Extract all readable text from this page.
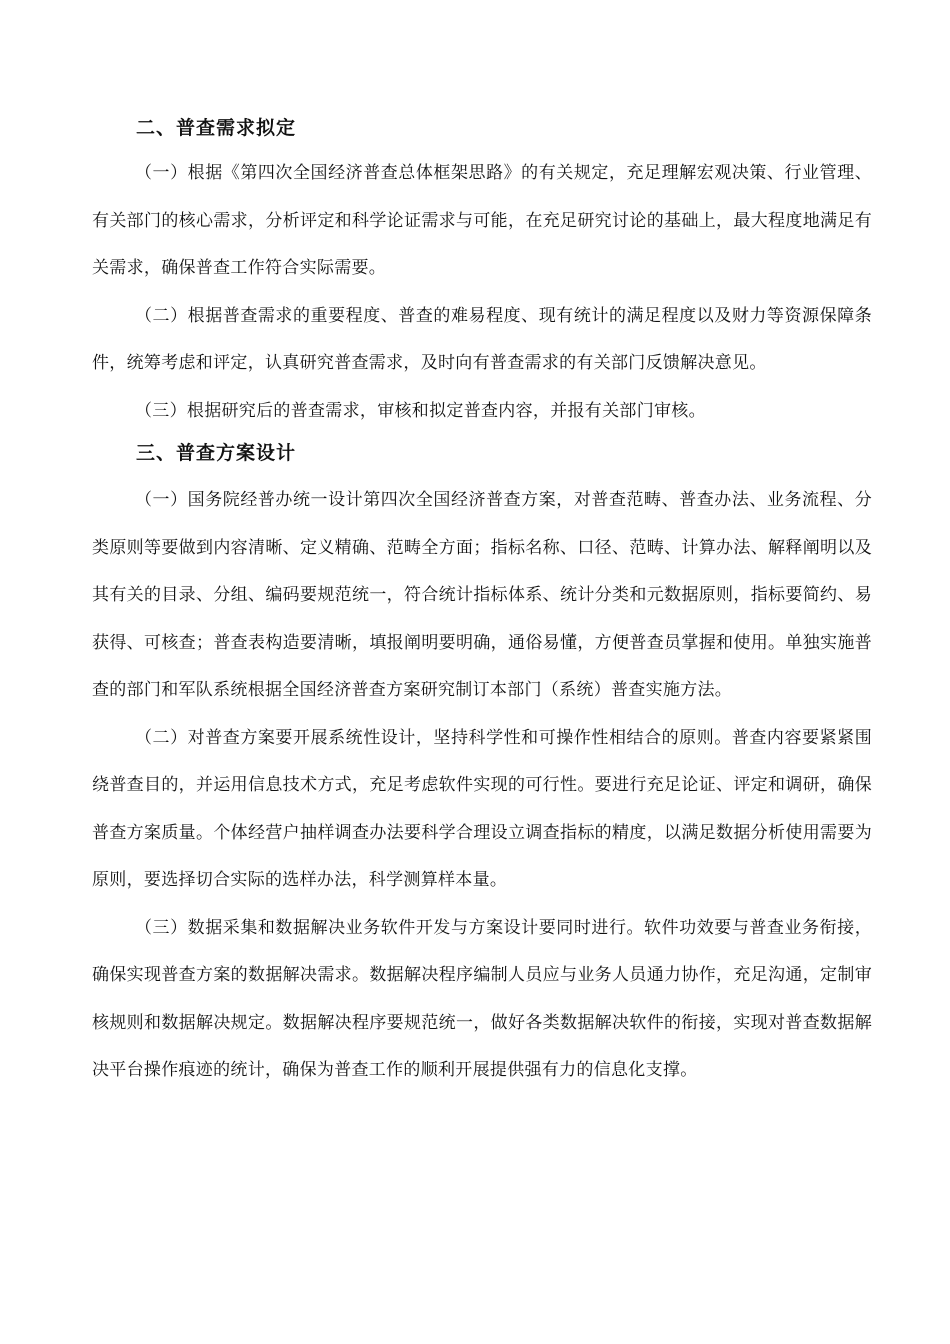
二、普查需求拟定

（一）根据《第四次全国经济普查总体框架思路》的有关规定，充足理解宏观决策、行业管理、有关部门的核心需求，分析评定和科学论证需求与可能，在充足研究讨论的基础上，最大程度地满足有关需求，确保普查工作符合实际需要。

（二）根据普查需求的重要程度、普查的难易程度、现有统计的满足程度以及财力等资源保障条件，统筹考虑和评定，认真研究普查需求，及时向有普查需求的有关部门反馈解决意见。

（三）根据研究后的普查需求，审核和拟定普查内容，并报有关部门审核。

三、普查方案设计

（一）国务院经普办统一设计第四次全国经济普查方案，对普查范畴、普查办法、业务流程、分类原则等要做到内容清晰、定义精确、范畴全方面；指标名称、口径、范畴、计算办法、解释阐明以及其有关的目录、分组、编码要规范统一，符合统计指标体系、统计分类和元数据原则，指标要简约、易获得、可核查；普查表构造要清晰，填报阐明要明确，通俗易懂，方便普查员掌握和使用。单独实施普查的部门和军队系统根据全国经济普查方案研究制订本部门（系统）普查实施方法。

（二）对普查方案要开展系统性设计，坚持科学性和可操作性相结合的原则。普查内容要紧紧围绕普查目的，并运用信息技术方式，充足考虑软件实现的可行性。要进行充足论证、评定和调研，确保普查方案质量。个体经营户抽样调查办法要科学合理设立调查指标的精度，以满足数据分析使用需要为原则，要选择切合实际的选样办法，科学测算样本量。

（三）数据采集和数据解决业务软件开发与方案设计要同时进行。软件功效要与普查业务衔接，确保实现普查方案的数据解决需求。数据解决程序编制人员应与业务人员通力协作，充足沟通，定制审核规则和数据解决规定。数据解决程序要规范统一，做好各类数据解决软件的衔接，实现对普查数据解决平台操作痕迹的统计，确保为普查工作的顺利开展提供强有力的信息化支撑。
